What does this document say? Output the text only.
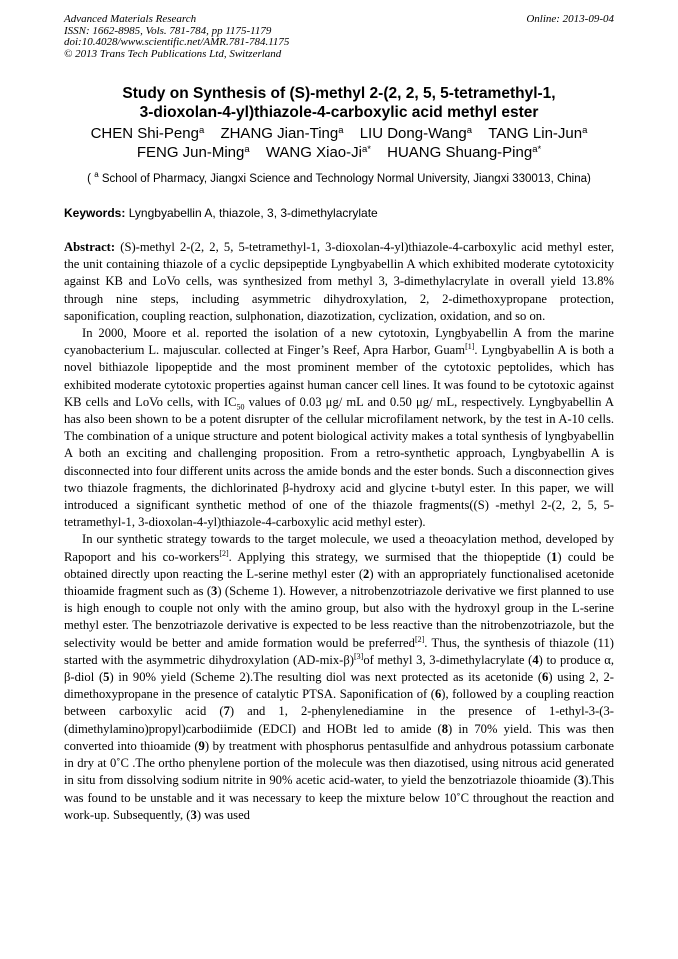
Advanced Materials Research
ISSN: 1662-8985, Vols. 781-784, pp 1175-1179
doi:10.4028/www.scientific.net/AMR.781-784.1175
© 2013 Trans Tech Publications Ltd, Switzerland
Online: 2013-09-04
Study on Synthesis of (S)-methyl 2-(2, 2, 5, 5-tetramethyl-1,
3-dioxolan-4-yl)thiazole-4-carboxylic acid methyl ester
CHEN Shi-Peng$^a$ ZHANG Jian-Ting$^a$ LIU Dong-Wang$^a$ TANG Lin-Jun$^a$
FENG Jun-Ming$^a$ WANG Xiao-$Ji^{a*}$ HUANG Shuang-Ping$^{a*}$
( $^a$ School of Pharmacy, Jiangxi Science and Technology Normal University, Jiangxi 330013, China)
Keywords: Lyngbyabellin A, thiazole, 3, 3-dimethylacrylate

Abstract: (S)-methyl 2-(2, 2, 5, 5-tetramethyl-1, 3-dioxolan-4-yl)thiazole-4-carboxylic acid methyl ester, the unit containing thiazole of a cyclic depsipeptide Lyngbyabellin A which exhibited moderate cytotoxicity against KB and LoVo cells, was synthesized from methyl 3, 3-dimethylacrylate in overall yield 13.8% through nine steps, including asymmetric dihydroxylation, 2, 2-dimethoxypropane protection, saponification, coupling reaction, sulphonation, diazotization, cyclization, oxidation, and so on.

In 2000, Moore et al. reported the isolation of a new cytotoxin, Lyngbyabellin A from the marine cyanobacterium L. majuscular. collected at Finger’s Reef, Apra Harbor, Guam[1]. Lyngbyabellin A is both a novel bithiazole lipopeptide and the most prominent member of the cytotoxic peptolides, which has exhibited moderate cytotoxic properties against human cancer cell lines. It was found to be cytotoxic against KB cells and LoVo cells, with $IC_{50}$ values of 0.03 μg/ mL and 0.50 μg/ mL, respectively. Lyngbyabellin A has also been shown to be a potent disrupter of the cellular microfilament network, by the test in A-10 cells. The combination of a unique structure and potent biological activity makes a total synthesis of lyngbyabellin A both an exciting and challenging proposition. From a retro-synthetic approach, Lyngbyabellin A is disconnected into four different units across the amide bonds and the ester bonds. Such a disconnection gives two thiazole fragments, the dichlorinated β-hydroxy acid and glycine t-butyl ester. In this paper, we will introduced a significant synthetic method of one of the thiazole fragments((S) -methyl 2-(2, 2, 5, 5-tetramethyl-1, 3-dioxolan-4-yl)thiazole-4-carboxylic acid methyl ester).

In our synthetic strategy towards to the target molecule, we used a theoacylation method, developed by Rapoport and his co-workers[2]. Applying this strategy, we surmised that the thiopeptide (1) could be obtained directly upon reacting the L-serine methyl ester (2) with an appropriately functionalised acetonide thioamide fragment such as (3) (Scheme 1). However, a nitrobenzotriazole derivative we first planned to use is high enough to couple not only with the amino group, but also with the hydroxyl group in the L-serine methyl ester. The benzotriazole derivative is expected to be less reactive than the nitrobenzotriazole, but the selectivity would be better and amide formation would be preferred[2]. Thus, the synthesis of thiazole (11) started with the asymmetric dihydroxylation (AD-mix-β)[3]of methyl 3, 3-dimethylacrylate (4) to produce α, β-diol (5) in 90% yield (Scheme 2).The resulting diol was next protected as its acetonide (6) using 2, 2-dimethoxypropane in the presence of catalytic PTSA. Saponification of (6), followed by a coupling reaction between carboxylic acid (7) and 1, 2-phenylenediamine in the presence of 1-ethyl-3-(3-(dimethylamino)propyl)carbodiimide (EDCI) and HOBt led to amide (8) in 70% yield. This was then converted into thioamide (9) by treatment with phosphorus pentasulfide and anhydrous potassium carbonate in dry at 0˚C .The ortho phenylene portion of the molecule was then diazotised, using nitrous acid generated in situ from dissolving sodium nitrite in 90% acetic acid-water, to yield the benzotriazole thioamide (3).This was found to be unstable and it was necessary to keep the mixture below 10˚C throughout the reaction and work-up. Subsequently, (3) was used
